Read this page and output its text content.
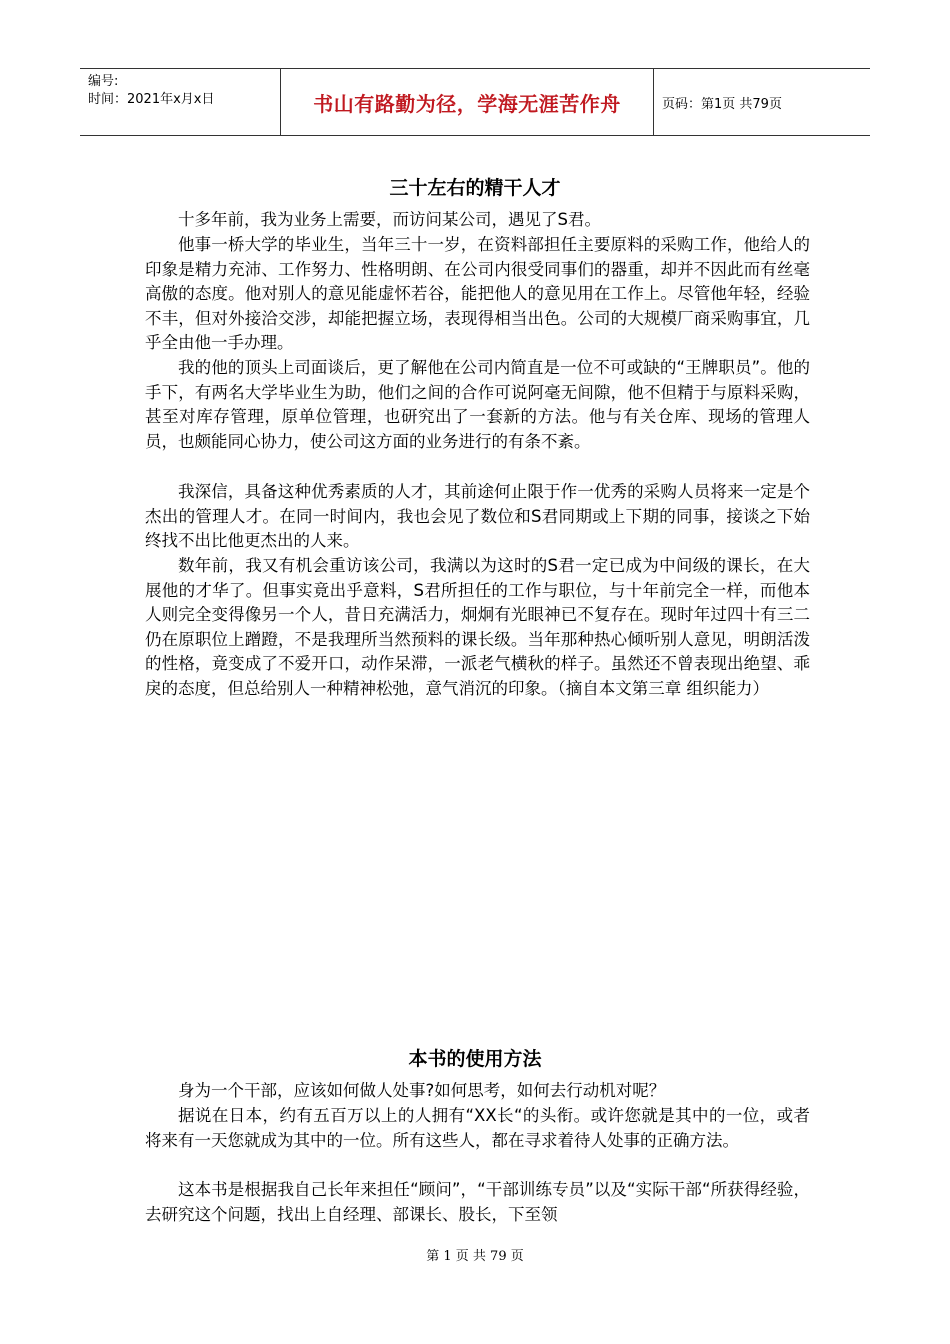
编号:
时间：2021年x月x日	书山有路勤为径，学海无涯苦作舟	页码：第1页 共79页
三十左右的精干人才

十多年前，我为业务上需要，而访问某公司，遇见了S君。

他事一桥大学的毕业生，当年三十一岁，在资料部担任主要原料的采购工作，他给人的印象是精力充沛、工作努力、性格明朗、在公司内很受同事们的器重，却并不因此而有丝毫高傲的态度。他对别人的意见能虚怀若谷，能把他人的意见用在工作上。尽管他年轻，经验不丰，但对外接洽交涉，却能把握立场，表现得相当出色。公司的大规模厂商采购事宜，几乎全由他一手办理。

我的他的顶头上司面谈后，更了解他在公司内简直是一位不可或缺的“王牌职员”。他的手下，有两名大学毕业生为助，他们之间的合作可说阿毫无间隙，他不但精于与原料采购，甚至对库存管理，原单位管理，也研究出了一套新的方法。他与有关仓库、现场的管理人员，也颇能同心协力，使公司这方面的业务进行的有条不紊。

我深信，具备这种优秀素质的人才，其前途何止限于作一优秀的采购人员将来一定是个杰出的管理人才。在同一时间内，我也会见了数位和S君同期或上下期的同事，接谈之下始终找不出比他更杰出的人来。

数年前，我又有机会重访该公司，我满以为这时的S君一定已成为中间级的课长，在大展他的才华了。但事实竟出乎意料，S君所担任的工作与职位，与十年前完全一样，而他本人则完全变得像另一个人，昔日充满活力，炯炯有光眼神已不复存在。现时年过四十有三二仍在原职位上蹭蹬，不是我理所当然预料的课长级。当年那种热心倾听别人意见，明朗活泼的性格，竟变成了不爱开口，动作呆滞，一派老气横秋的样子。虽然还不曾表现出绝望、乖戾的态度，但总给别人一种精神松弛，意气消沉的印象。（摘自本文第三章 组织能力）

本书的使用方法

身为一个干部，应该如何做人处事?如何思考，如何去行动机对呢？

据说在日本，约有五百万以上的人拥有“XX长“的头衔。或许您就是其中的一位，或者将来有一天您就成为其中的一位。所有这些人，都在寻求着待人处事的正确方法。

这本书是根据我自己长年来担任“顾问”，“干部训练专员”以及“实际干部“所获得经验，去研究这个问题，找出上自经理、部课长、股长，下至领

第 1 页 共 79 页
